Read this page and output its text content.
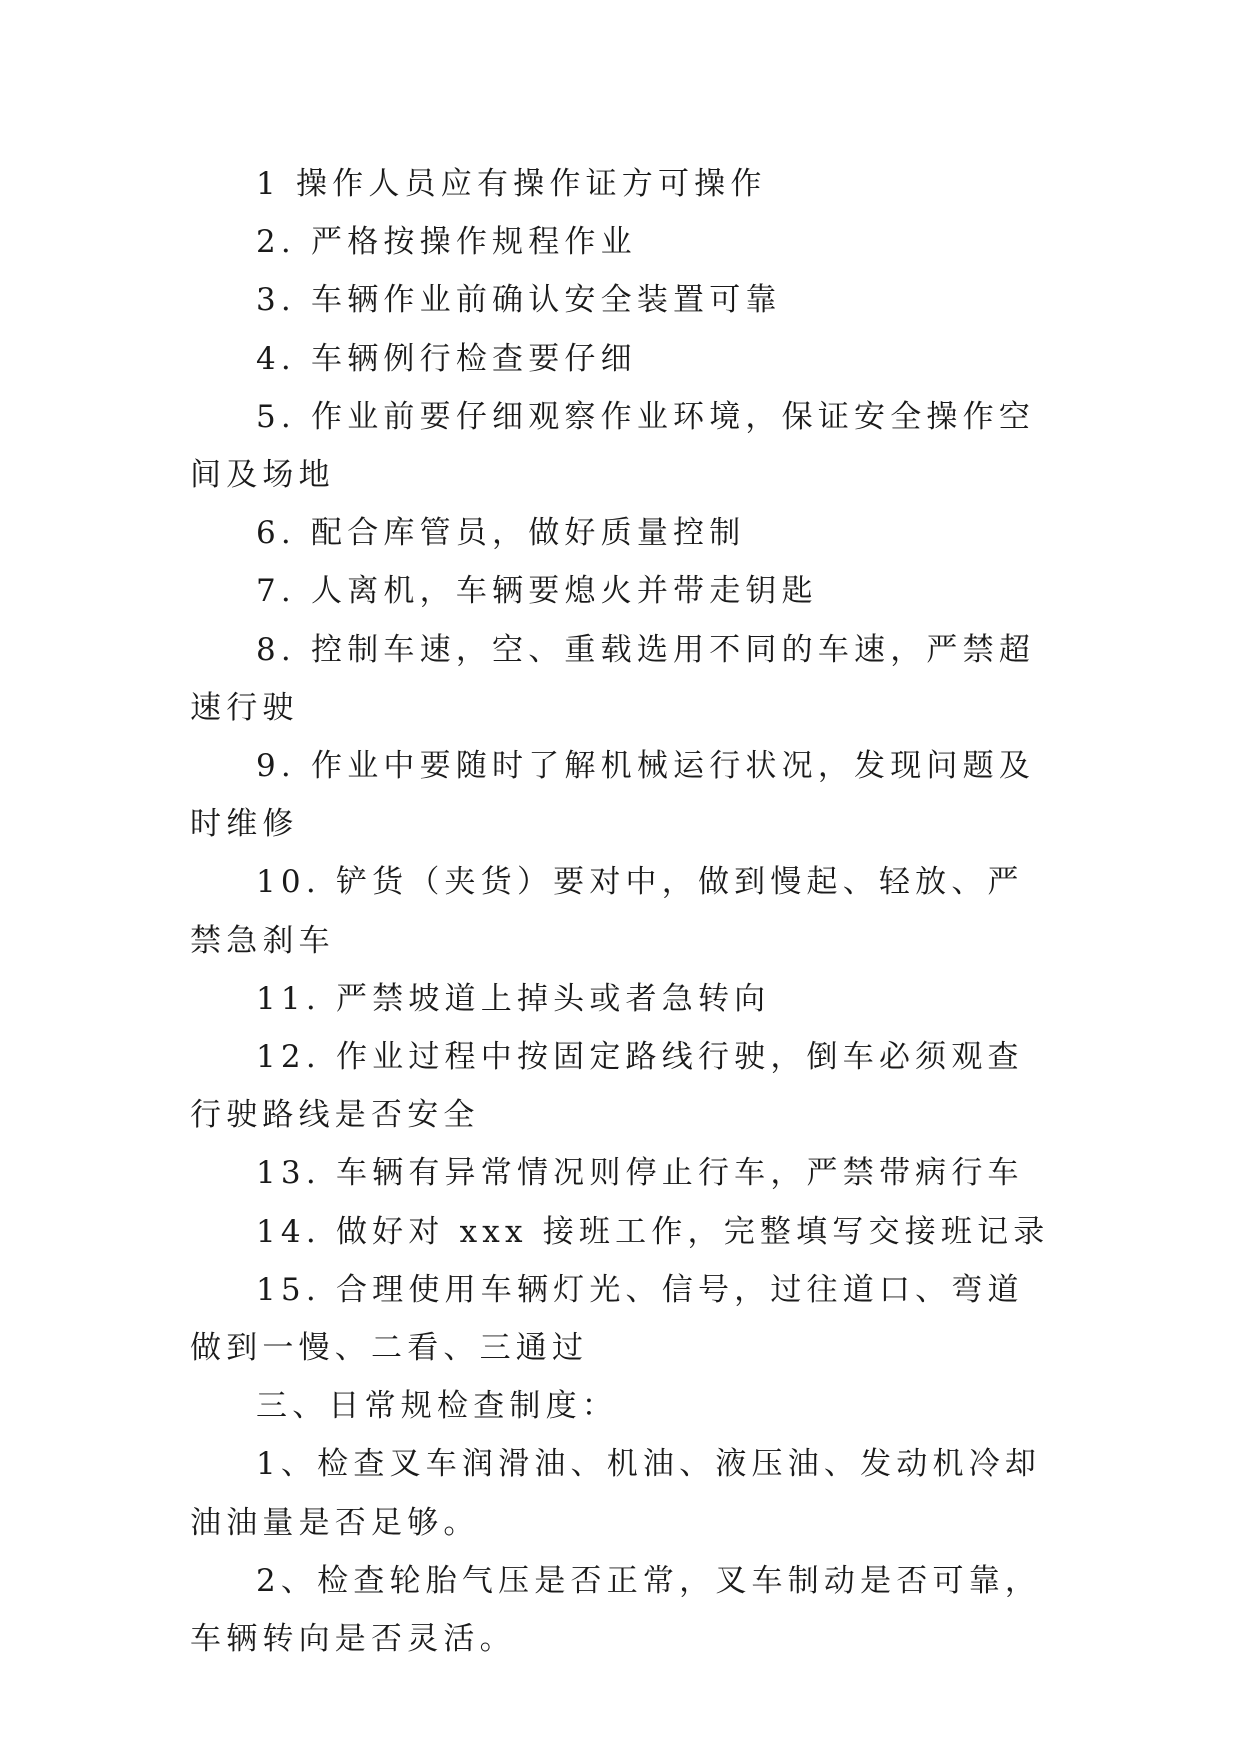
1 操作人员应有操作证方可操作

2. 严格按操作规程作业

3. 车辆作业前确认安全装置可靠

4. 车辆例行检查要仔细

5. 作业前要仔细观察作业环境，保证安全操作空间及场地

6. 配合库管员，做好质量控制

7. 人离机，车辆要熄火并带走钥匙

8. 控制车速，空、重载选用不同的车速，严禁超速行驶

9. 作业中要随时了解机械运行状况，发现问题及时维修

10. 铲货（夹货）要对中，做到慢起、轻放、严禁急刹车

11. 严禁坡道上掉头或者急转向

12. 作业过程中按固定路线行驶，倒车必须观查行驶路线是否安全

13. 车辆有异常情况则停止行车，严禁带病行车

14. 做好对 xxx 接班工作，完整填写交接班记录

15. 合理使用车辆灯光、信号，过往道口、弯道做到一慢、二看、三通过

三、日常规检查制度：

1、检查叉车润滑油、机油、液压油、发动机冷却油油量是否足够。

2、检查轮胎气压是否正常，叉车制动是否可靠，车辆转向是否灵活。
